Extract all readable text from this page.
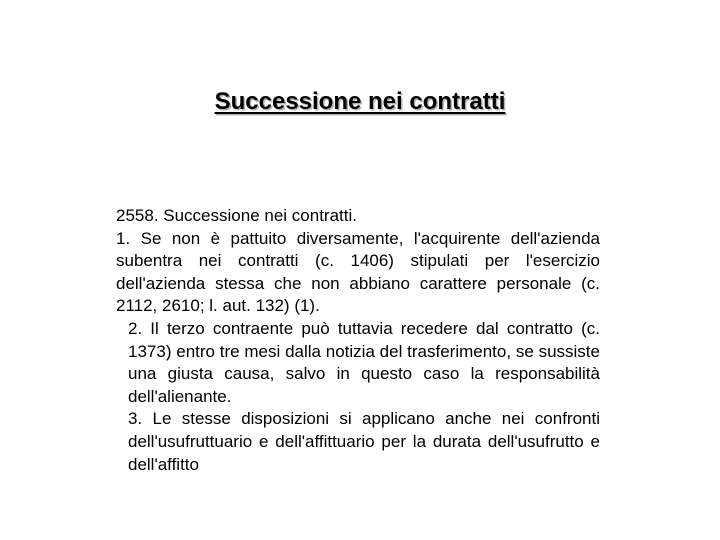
Successione nei contratti

2558. Successione nei contratti.

1. Se non è pattuito diversamente, l'acquirente dell'azienda subentra nei contratti (c. 1406) stipulati per l'esercizio dell'azienda stessa che non abbiano carattere personale (c. 2112, 2610; l. aut. 132) (1).

2. Il terzo contraente può tuttavia recedere dal contratto (c. 1373) entro tre mesi dalla notizia del trasferimento, se sussiste una giusta causa, salvo in questo caso la responsabilità dell'alienante.

3. Le stesse disposizioni si applicano anche nei confronti dell'usufruttuario e dell'affittuario per la durata dell'usufrutto e dell'affitto
